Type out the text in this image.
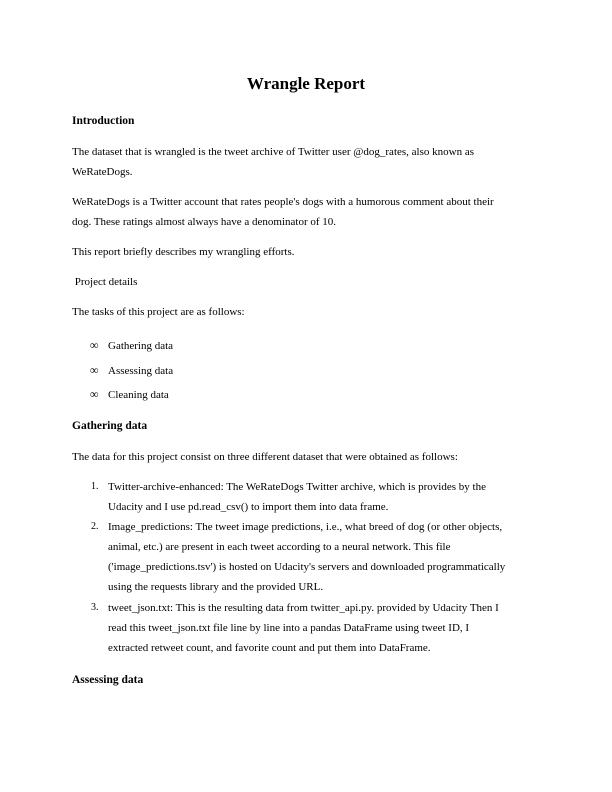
Wrangle Report
Introduction
The dataset that is wrangled is the tweet archive of Twitter user @dog_rates, also known as
WeRateDogs.
WeRateDogs is a Twitter account that rates people's dogs with a humorous comment about their
dog. These ratings almost always have a denominator of 10.
This report briefly describes my wrangling efforts.
Project details
The tasks of this project are as follows:
∞ Gathering data
∞ Assessing data
∞ Cleaning data
Gathering data
The data for this project consist on three different dataset that were obtained as follows:
1. Twitter-archive-enhanced: The WeRateDogs Twitter archive, which is provides by the
Udacity and I use pd.read_csv() to import them into data frame.
2. Image_predictions: The tweet image predictions, i.e., what breed of dog (or other objects,
animal, etc.) are present in each tweet according to a neural network. This file
('image_predictions.tsv') is hosted on Udacity's servers and downloaded programmatically
using the requests library and the provided URL.
3. tweet_json.txt: This is the resulting data from twitter_api.py. provided by Udacity Then I
read this tweet_json.txt file line by line into a pandas DataFrame using tweet ID, I
extracted retweet count, and favorite count and put them into DataFrame.
Assessing data
